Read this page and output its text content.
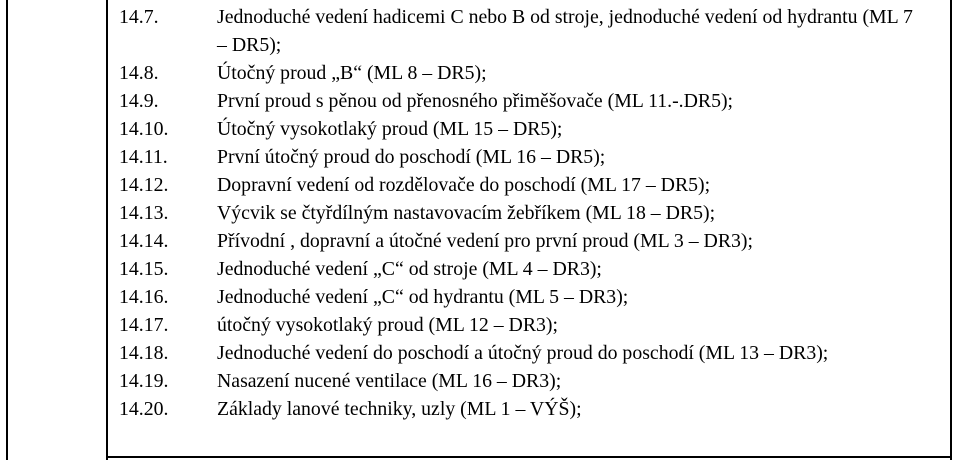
14.7.	Jednoduché vedení hadicemi C nebo B od stroje, jednoduché vedení od hydrantu (ML 7 – DR5);
14.8.	Útočný proud „B“ (ML 8 – DR5);
14.9.	První proud s pěnou od přenosného přiměšovače (ML 11.-.DR5);
14.10.	Útočný vysokotlaký proud (ML 15 – DR5);
14.11.	První útočný proud do poschodí (ML 16 – DR5);
14.12.	Dopravní vedení od rozdělovače do poschodí (ML 17 – DR5);
14.13.	Výcvik se čtyřdílným nastavovacím žebříkem (ML 18 – DR5);
14.14.	Přívodní , dopravní a útočné vedení pro první proud (ML 3 – DR3);
14.15.	Jednoduché vedení „C“ od stroje (ML 4 – DR3);
14.16.	Jednoduché vedení „C“ od hydrantu (ML 5 – DR3);
14.17.	útočný vysokotlaký proud (ML 12 – DR3);
14.18.	Jednoduché vedení do poschodí a útočný proud do poschodí (ML 13 – DR3);
14.19.	Nasazení nucené ventilace (ML 16 – DR3);
14.20.	Základy lanové techniky, uzly (ML 1 – VÝŠ);
